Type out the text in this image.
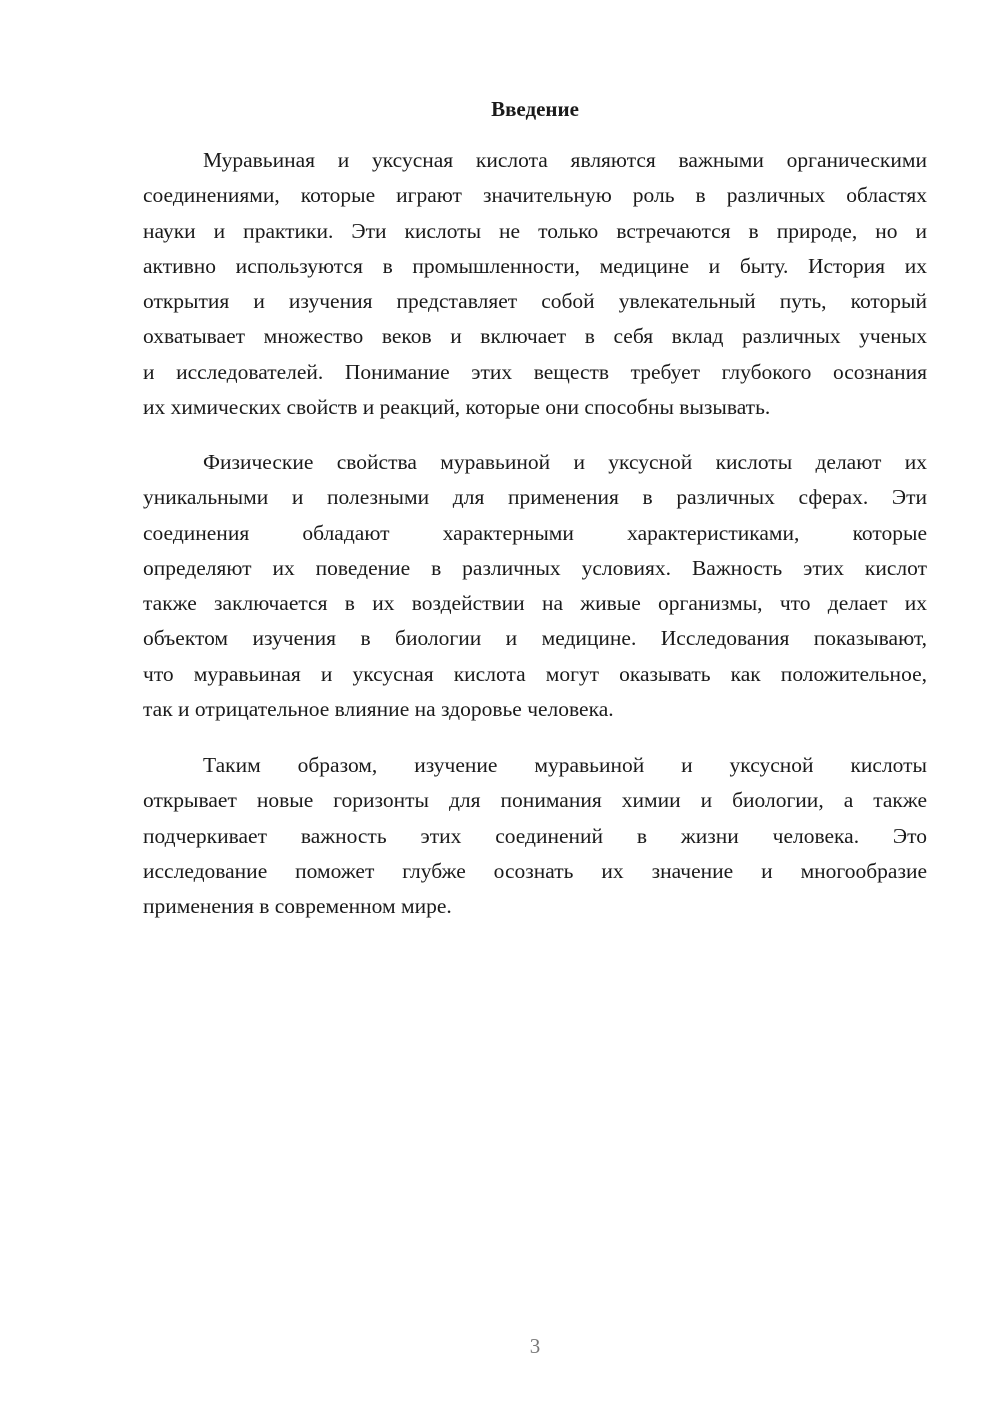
Введение
Муравьиная и уксусная кислота являются важными органическими
соединениями, которые играют значительную роль в различных областях
науки и практики. Эти кислоты не только встречаются в природе, но и
активно используются в промышленности, медицине и быту. История их
открытия и изучения представляет собой увлекательный путь, который
охватывает множество веков и включает в себя вклад различных ученых
и исследователей. Понимание этих веществ требует глубокого осознания
их химических свойств и реакций, которые они способны вызывать.
Физические свойства муравьиной и уксусной кислоты делают их
уникальными и полезными для применения в различных сферах. Эти
соединения обладают характерными характеристиками, которые
определяют их поведение в различных условиях. Важность этих кислот
также заключается в их воздействии на живые организмы, что делает их
объектом изучения в биологии и медицине. Исследования показывают,
что муравьиная и уксусная кислота могут оказывать как положительное,
так и отрицательное влияние на здоровье человека.
Таким образом, изучение муравьиной и уксусной кислоты
открывает новые горизонты для понимания химии и биологии, а также
подчеркивает важность этих соединений в жизни человека. Это
исследование поможет глубже осознать их значение и многообразие
применения в современном мире.
3
